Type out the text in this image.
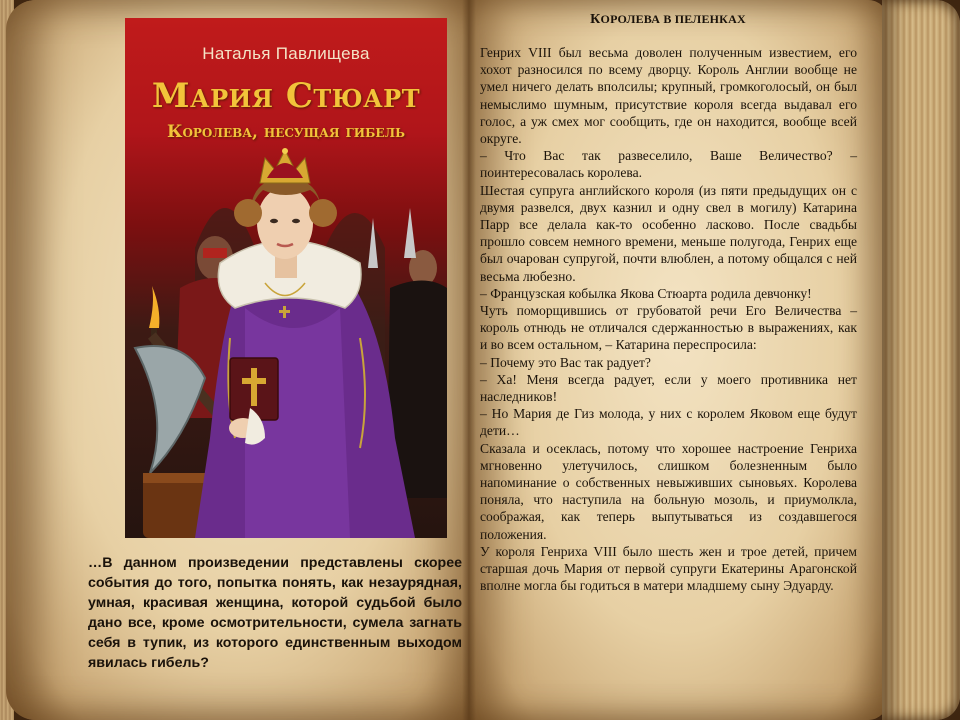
Наталья Павлищева
Мария Стюарт
Королева, несущая гибель
…В данном произведении представлены скорее события до того, попытка понять, как незаурядная, умная, красивая женщина, которой судьбой было дано все, кроме осмотрительности, сумела загнать себя в тупик, из которого единственным выходом явилась гибель?
КОРОЛЕВА В ПЕЛЕНКАХ

Генрих VIII был весьма доволен полученным известием, его хохот разносился по всему дворцу. Король Англии вообще не умел ничего делать вполсилы; крупный, громкоголосый, он был немыслимо шумным, присутствие короля всегда выдавал его голос, а уж смех мог сообщить, где он находится, вообще всей округе.

– Что Вас так развеселило, Ваше Величество? – поинтересовалась королева.

Шестая супруга английского короля (из пяти предыдущих он с двумя развелся, двух казнил и одну свел в могилу) Катарина Парр все делала как-то особенно ласково. После свадьбы прошло совсем немного времени, меньше полугода, Генрих еще был очарован супругой, почти влюблен, а потому общался с ней весьма любезно.

– Французская кобылка Якова Стюарта родила девчонку!

Чуть поморщившись от грубоватой речи Его Величества – король отнюдь не отличался сдержанностью в выражениях, как и во всем остальном, – Катарина переспросила:

– Почему это Вас так радует?

– Ха! Меня всегда радует, если у моего противника нет наследников!

– Но Мария де Гиз молода, у них с королем Яковом еще будут дети…

Сказала и осеклась, потому что хорошее настроение Генриха мгновенно улетучилось, слишком болезненным было напоминание о собственных невыживших сыновьях. Королева поняла, что наступила на больную мозоль, и приумолкла, соображая, как теперь выпутываться из создавшегося положения.

У короля Генриха VIII было шесть жен и трое детей, причем старшая дочь Мария от первой супруги Екатерины Арагонской вполне могла бы годиться в матери младшему сыну Эдуарду.
